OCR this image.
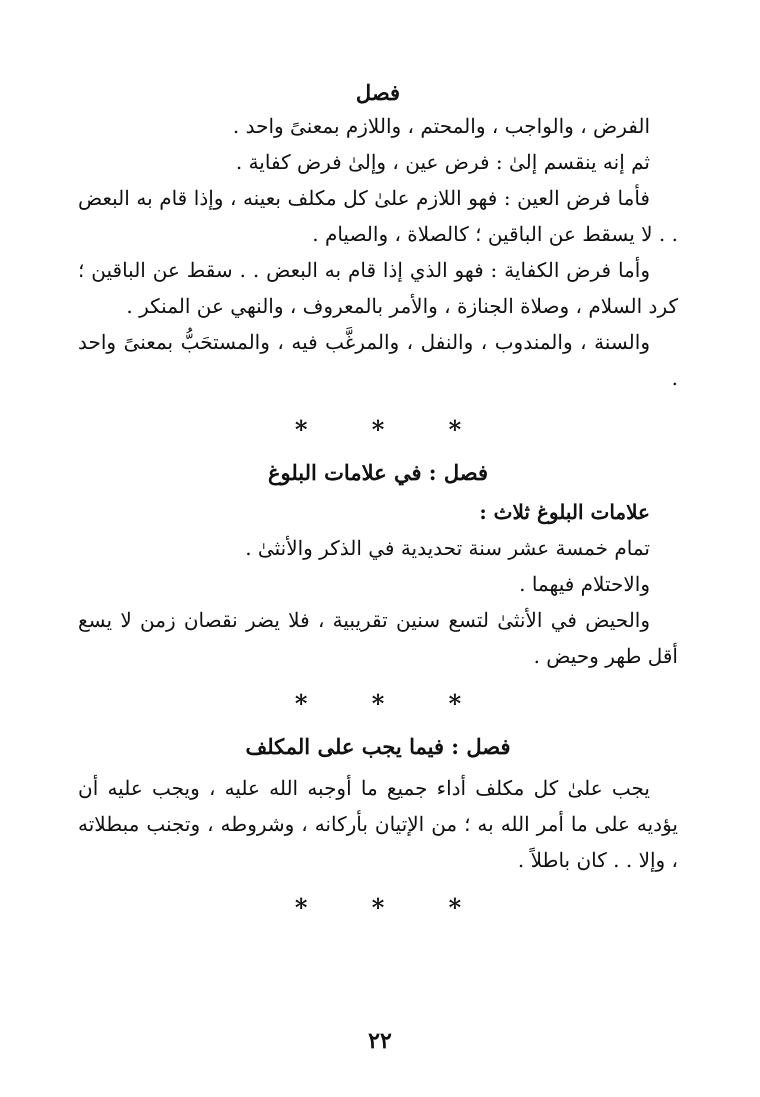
فصل

الفرض ، والواجب ، والمحتم ، واللازم بمعنىً واحد .

ثم إنه ينقسم إلىٰ : فرض عين ، وإلىٰ فرض كفاية .

فأما فرض العين : فهو اللازم علىٰ كل مكلف بعينه ، وإذا قام به البعض . . لا يسقط عن الباقين ؛ كالصلاة ، والصيام .

وأما فرض الكفاية : فهو الذي إذا قام به البعض . . سقط عن الباقين ؛ كرد السلام ، وصلاة الجنازة ، والأمر بالمعروف ، والنهي عن المنكر .

والسنة ، والمندوب ، والنفل ، والمرغَّب فيه ، والمستحَبُّ بمعنىً واحد .

* * *
فصل : في علامات البلوغ

علامات البلوغ ثلاث :

تمام خمسة عشر سنة تحديدية في الذكر والأنثىٰ .

والاحتلام فيهما .

والحيض في الأنثىٰ لتسع سنين تقريبية ، فلا يضر نقصان زمن لا يسع أقل طهر وحيض .

* * *
فصل : فيما يجب على المكلف

يجب علىٰ كل مكلف أداء جميع ما أوجبه الله عليه ، ويجب عليه أن يؤديه على ما أمر الله به ؛ من الإتيان بأركانه ، وشروطه ، وتجنب مبطلاته ، وإلا . . كان باطلاً .

* * *
٢٢
